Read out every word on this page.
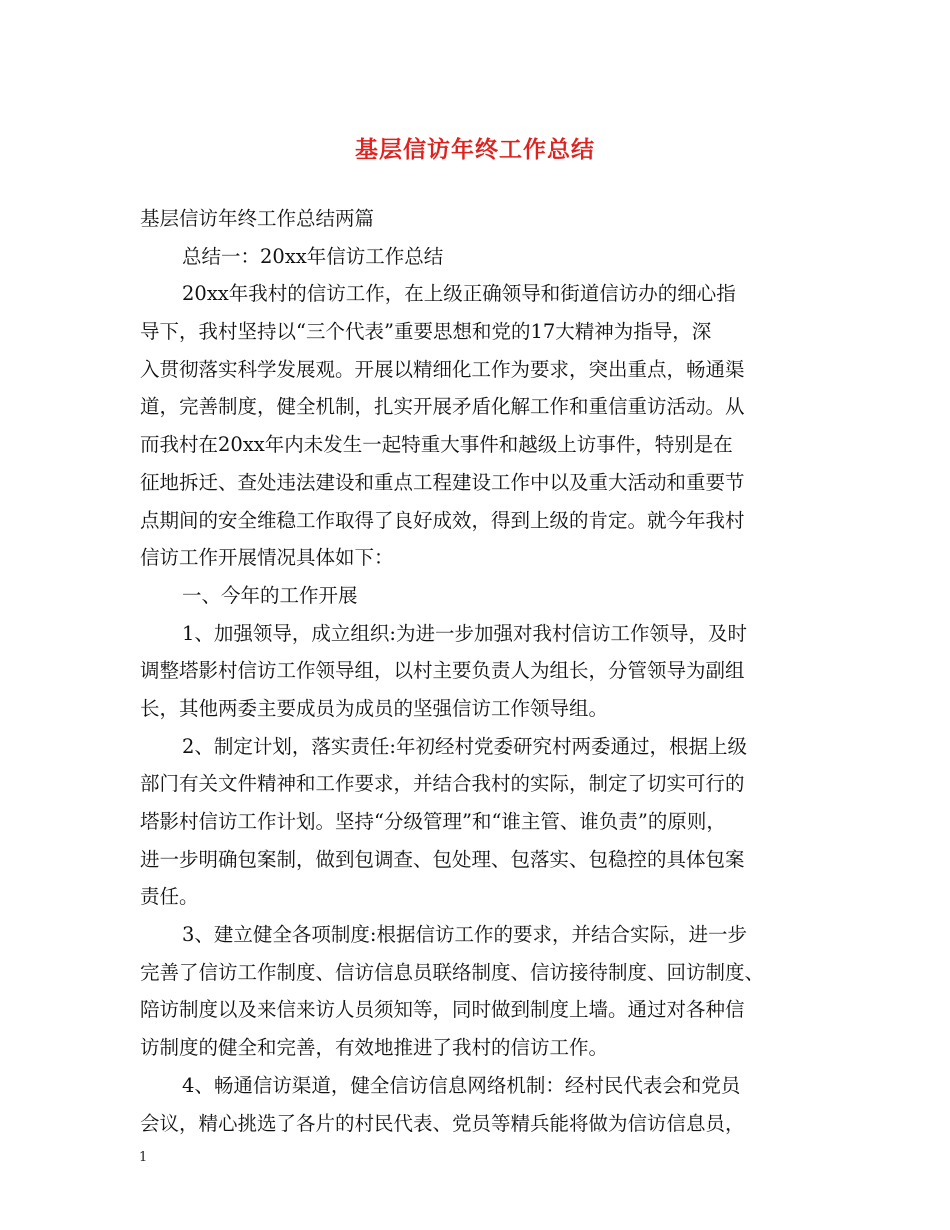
基层信访年终工作总结
基层信访年终工作总结两篇
总结一：20xx年信访工作总结
20xx年我村的信访工作，在上级正确领导和街道信访办的细心指
导下，我村坚持以“三个代表”重要思想和党的17大精神为指导，深
入贯彻落实科学发展观。开展以精细化工作为要求，突出重点，畅通渠
道，完善制度，健全机制，扎实开展矛盾化解工作和重信重访活动。从
而我村在20xx年内未发生一起特重大事件和越级上访事件，特别是在
征地拆迁、查处违法建设和重点工程建设工作中以及重大活动和重要节
点期间的安全维稳工作取得了良好成效，得到上级的肯定。就今年我村
信访工作开展情况具体如下：
一、今年的工作开展
1、加强领导，成立组织:为进一步加强对我村信访工作领导，及时
调整塔影村信访工作领导组，以村主要负责人为组长，分管领导为副组
长，其他两委主要成员为成员的坚强信访工作领导组。
2、制定计划，落实责任:年初经村党委研究村两委通过，根据上级
部门有关文件精神和工作要求，并结合我村的实际，制定了切实可行的
塔影村信访工作计划。坚持“分级管理”和“谁主管、谁负责”的原则，
进一步明确包案制，做到包调查、包处理、包落实、包稳控的具体包案
责任。
3、建立健全各项制度:根据信访工作的要求，并结合实际，进一步
完善了信访工作制度、信访信息员联络制度、信访接待制度、回访制度、
陪访制度以及来信来访人员须知等，同时做到制度上墙。通过对各种信
访制度的健全和完善，有效地推进了我村的信访工作。
4、畅通信访渠道，健全信访信息网络机制：经村民代表会和党员
会议，精心挑选了各片的村民代表、党员等精兵能将做为信访信息员，
1
